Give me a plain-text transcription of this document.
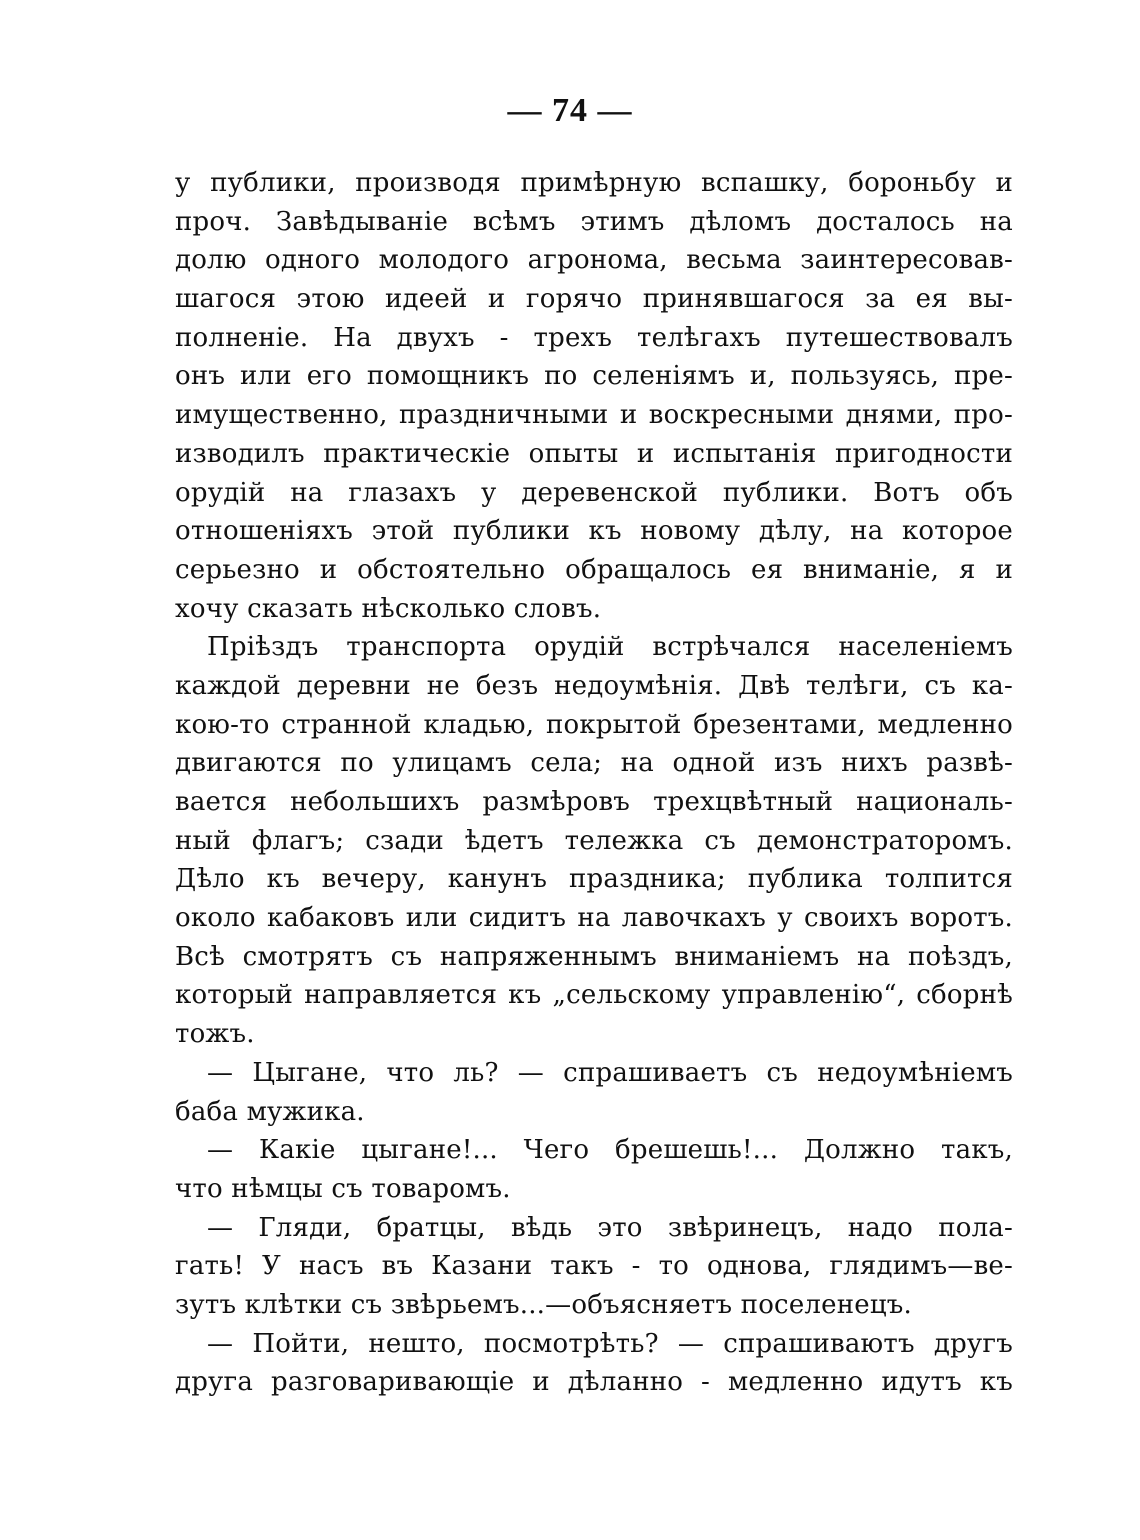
— 74 —
у публики, производя примѣрную вспашку, бороньбу и
проч. Завѣдываніе всѣмъ этимъ дѣломъ досталось на
долю одного молодого агронома, весьма заинтересовав-
шагося этою идеей и горячо принявшагося за ея вы-
полненіе. На двухъ - трехъ телѣгахъ путешествовалъ
онъ или его помощникъ по селеніямъ и, пользуясь, пре-
имущественно, праздничными и воскресными днями, про-
изводилъ практическіе опыты и испытанія пригодности
орудій на глазахъ у деревенской публики. Вотъ объ
отношеніяхъ этой публики къ новому дѣлу, на которое
серьезно и обстоятельно обращалось ея вниманіе, я и
хочу сказать нѣсколько словъ.
Пріѣздъ транспорта орудій встрѣчался населеніемъ
каждой деревни не безъ недоумѣнія. Двѣ телѣги, съ ка-
кою-то странной кладью, покрытой брезентами, медленно
двигаются по улицамъ села; на одной изъ нихъ развѣ-
вается небольшихъ размѣровъ трехцвѣтный националь-
ный флагъ; сзади ѣдетъ тележка съ демонстраторомъ.
Дѣло къ вечеру, канунъ праздника; публика толпится
около кабаковъ или сидитъ на лавочкахъ у своихъ воротъ.
Всѣ смотрятъ съ напряженнымъ вниманіемъ на поѣздъ,
который направляется къ „сельскому управленію“, сборнѣ
тожъ.
— Цыгане, что ль? — спрашиваетъ съ недоумѣніемъ
баба мужика.
— Какіе цыгане!... Чего брешешь!... Должно такъ,
что нѣмцы съ товаромъ.
— Гляди, братцы, вѣдь это звѣринецъ, надо пола-
гать! У насъ въ Казани такъ - то однова, глядимъ—ве-
зутъ клѣтки съ звѣрьемъ...—объясняетъ поселенецъ.
— Пойти, нешто, посмотрѣть? — спрашиваютъ другъ
друга разговаривающіе и дѣланно - медленно идутъ къ
